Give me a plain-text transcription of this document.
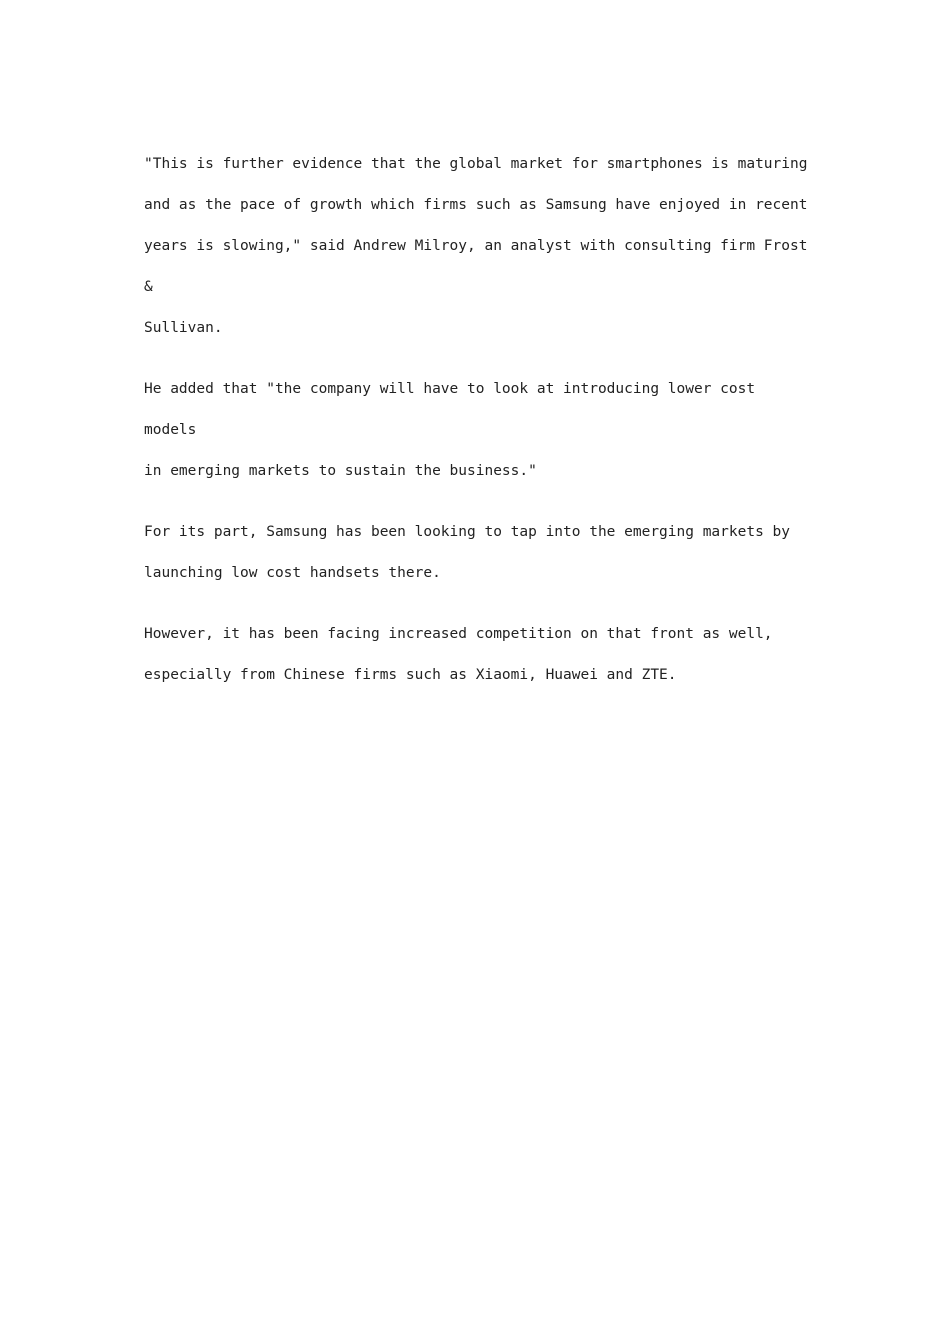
"This is further evidence that the global market for smartphones is maturing
and as the pace of growth which firms such as Samsung have enjoyed in recent
years is slowing," said Andrew Milroy, an analyst with consulting firm Frost &
Sullivan.
He added that "the company will have to look at introducing lower cost models
in emerging markets to sustain the business."
For its part, Samsung has been looking to tap into the emerging markets by
launching low cost handsets there.
However, it has been facing increased competition on that front as well,
especially from Chinese firms such as Xiaomi, Huawei and ZTE.
